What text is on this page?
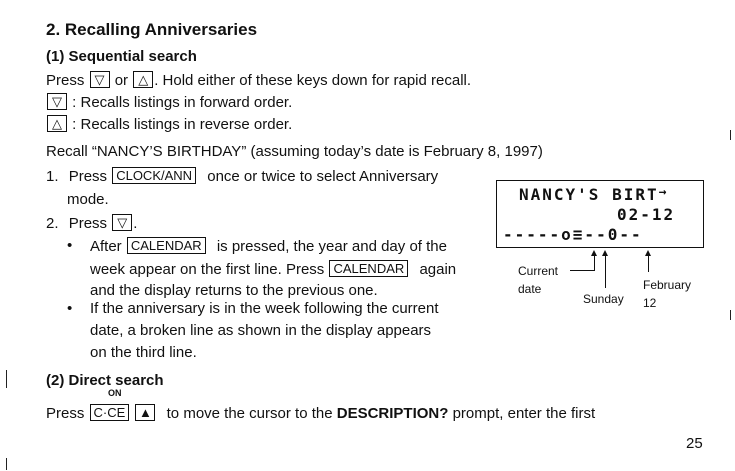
2. Recalling Anniversaries
(1) Sequential search
Press ▽ or △ . Hold either of these keys down for rapid recall.
▽ : Recalls listings in forward order.
△ : Recalls listings in reverse order.
Recall “NANCY’S BIRTHDAY” (assuming today’s date is February 8, 1997)
1. Press CLOCK/ANN once or twice to select Anniversary
mode.
2. Press ▽ .
• After CALENDAR is pressed, the year and day of the
week appear on the first line. Press CALENDAR again
and the display returns to the previous one.
• If the anniversary is in the week following the current
date, a broken line as shown in the display appears
on the third line.
(2) Direct search
ON
Press C·CE ▲ to move the cursor to the DESCRIPTION? prompt, enter the first
25
NANCY'S BIRT→
02-12
-----o≡--0--
Current
date
Sunday
February
12
